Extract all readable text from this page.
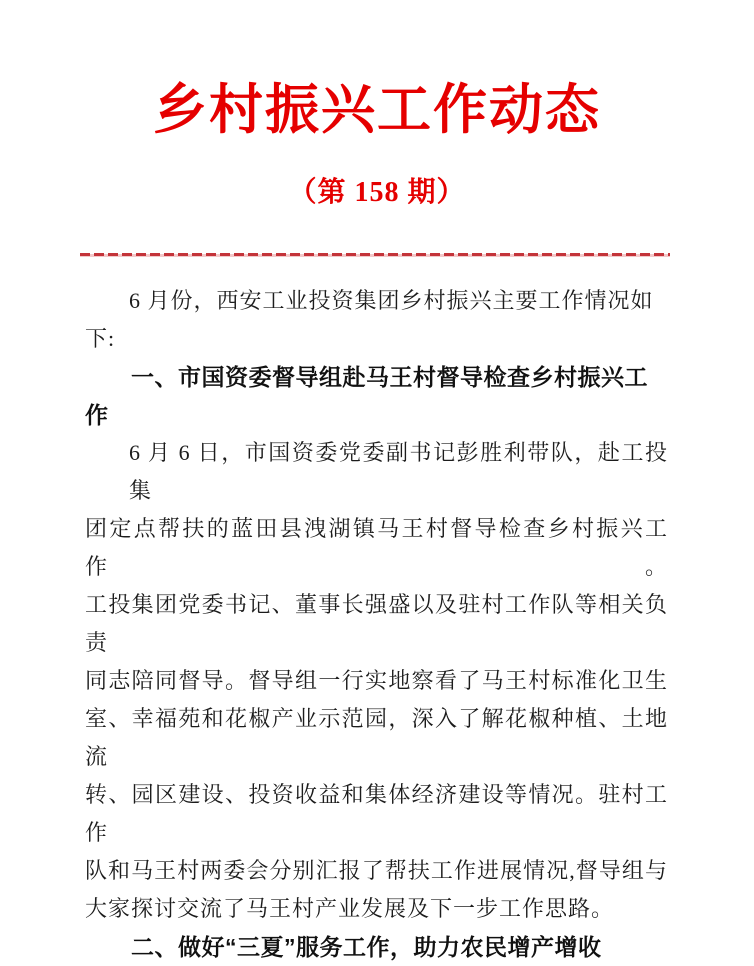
乡村振兴工作动态
（第 158 期）
6 月份，西安工业投资集团乡村振兴主要工作情况如下:
一、市国资委督导组赴马王村督导检查乡村振兴工作
6 月 6 日，市国资委党委副书记彭胜利带队，赴工投集
团定点帮扶的蓝田县洩湖镇马王村督导检查乡村振兴工作。
工投集团党委书记、董事长强盛以及驻村工作队等相关负责
同志陪同督导。督导组一行实地察看了马王村标准化卫生
室、幸福苑和花椒产业示范园，深入了解花椒种植、土地流
转、园区建设、投资收益和集体经济建设等情况。驻村工作
队和马王村两委会分别汇报了帮扶工作进展情况,督导组与
大家探讨交流了马王村产业发展及下一步工作思路。
二、做好“三夏”服务工作，助力农民增产增收
